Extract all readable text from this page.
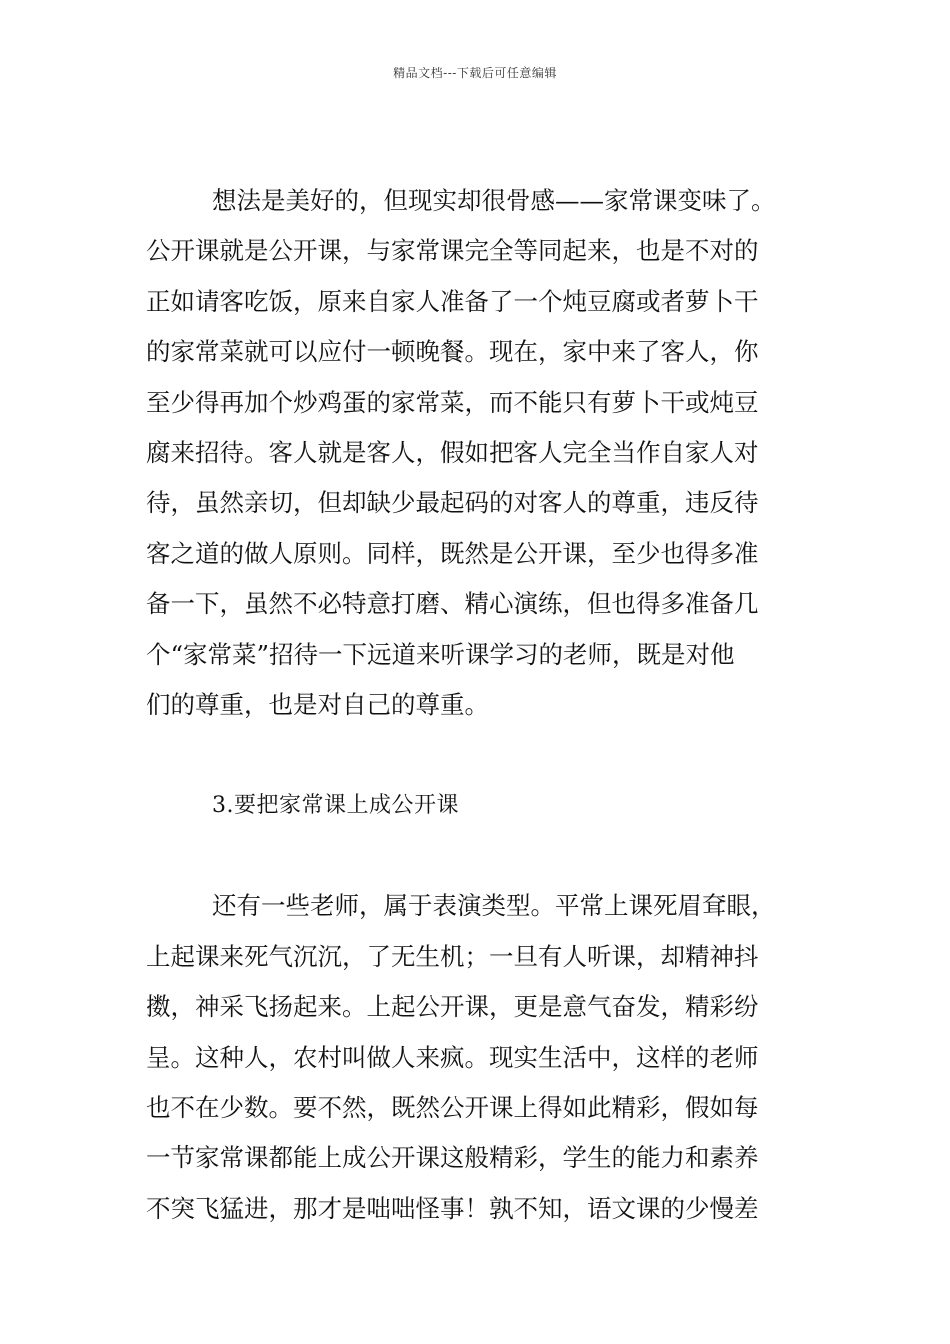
精品文档---下载后可任意编辑
想法是美好的，但现实却很骨感——家常课变味了。
公开课就是公开课，与家常课完全等同起来，也是不对的
正如请客吃饭，原来自家人准备了一个炖豆腐或者萝卜干
的家常菜就可以应付一顿晚餐。现在，家中来了客人，你
至少得再加个炒鸡蛋的家常菜，而不能只有萝卜干或炖豆
腐来招待。客人就是客人，假如把客人完全当作自家人对
待，虽然亲切，但却缺少最起码的对客人的尊重，违反待
客之道的做人原则。同样，既然是公开课，至少也得多准
备一下，虽然不必特意打磨、精心演练，但也得多准备几
个“家常菜”招待一下远道来听课学习的老师，既是对他
们的尊重，也是对自己的尊重。
3.要把家常课上成公开课
还有一些老师，属于表演类型。平常上课死眉耷眼，
上起课来死气沉沉，了无生机；一旦有人听课，却精神抖
擞，神采飞扬起来。上起公开课，更是意气奋发，精彩纷
呈。这种人，农村叫做人来疯。现实生活中，这样的老师
也不在少数。要不然，既然公开课上得如此精彩，假如每
一节家常课都能上成公开课这般精彩，学生的能力和素养
不突飞猛进，那才是咄咄怪事！孰不知，语文课的少慢差
